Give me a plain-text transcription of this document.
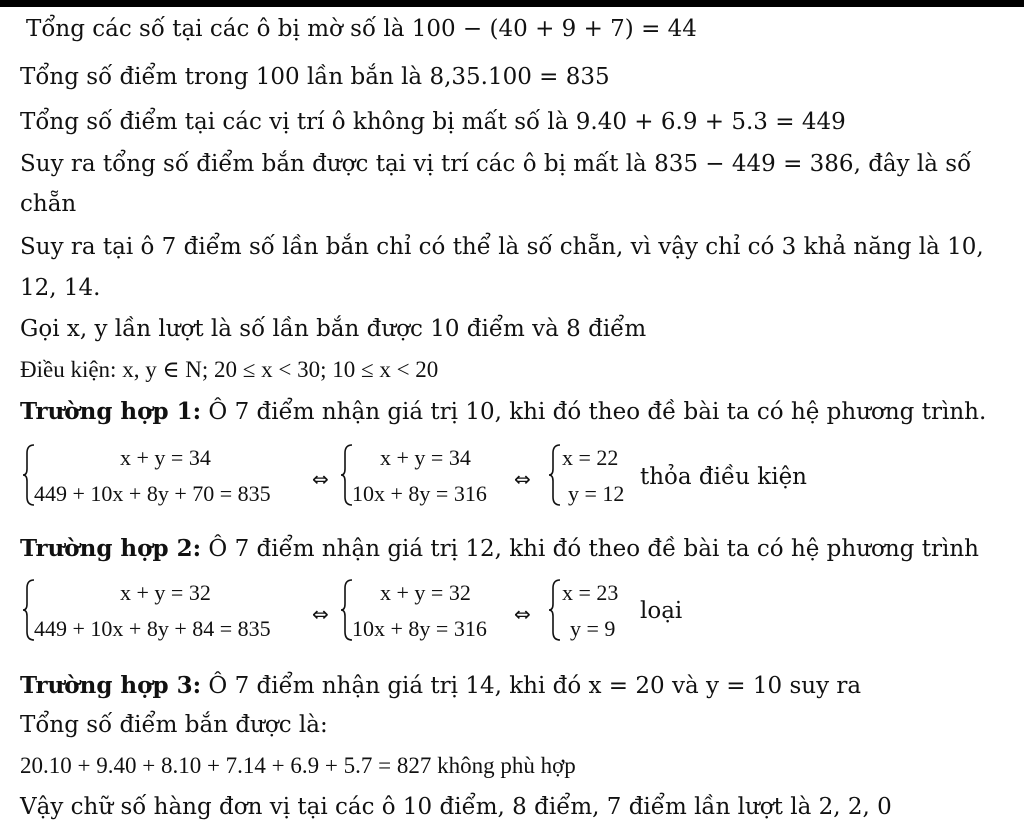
Tổng các số tại các ô bị mờ số là 100 − (40 + 9 + 7) = 44
Tổng số điểm trong 100 lần bắn là 8,35.100 = 835
Tổng số điểm tại các vị trí ô không bị mất số là 9.40 + 6.9 + 5.3 = 449
Suy ra tổng số điểm bắn được tại vị trí các ô bị mất là 835 − 449 = 386, đây là số
chẵn
Suy ra tại ô 7 điểm số lần bắn chỉ có thể là số chẵn, vì vậy chỉ có 3 khả năng là 10,
12, 14.
Gọi x, y lần lượt là số lần bắn được 10 điểm và 8 điểm
Điều kiện: x, y ∈ N; 20 ≤ x < 30; 10 ≤ x < 20
Trường hợp 1: Ô 7 điểm nhận giá trị 10, khi đó theo đề bài ta có hệ phương trình.
x + y = 34
449 + 10x + 8y + 70 = 835
⇔
x + y = 34
10x + 8y = 316
⇔
x = 22
y = 12
thỏa điều kiện
Trường hợp 2: Ô 7 điểm nhận giá trị 12, khi đó theo đề bài ta có hệ phương trình
x + y = 32
449 + 10x + 8y + 84 = 835
⇔
x + y = 32
10x + 8y = 316
⇔
x = 23
y = 9
loại
Trường hợp 3: Ô 7 điểm nhận giá trị 14, khi đó x = 20 và y = 10 suy ra
Tổng số điểm bắn được là:
20.10 + 9.40 + 8.10 + 7.14 + 6.9 + 5.7 = 827 không phù hợp
Vậy chữ số hàng đơn vị tại các ô 10 điểm, 8 điểm, 7 điểm lần lượt là 2, 2, 0
